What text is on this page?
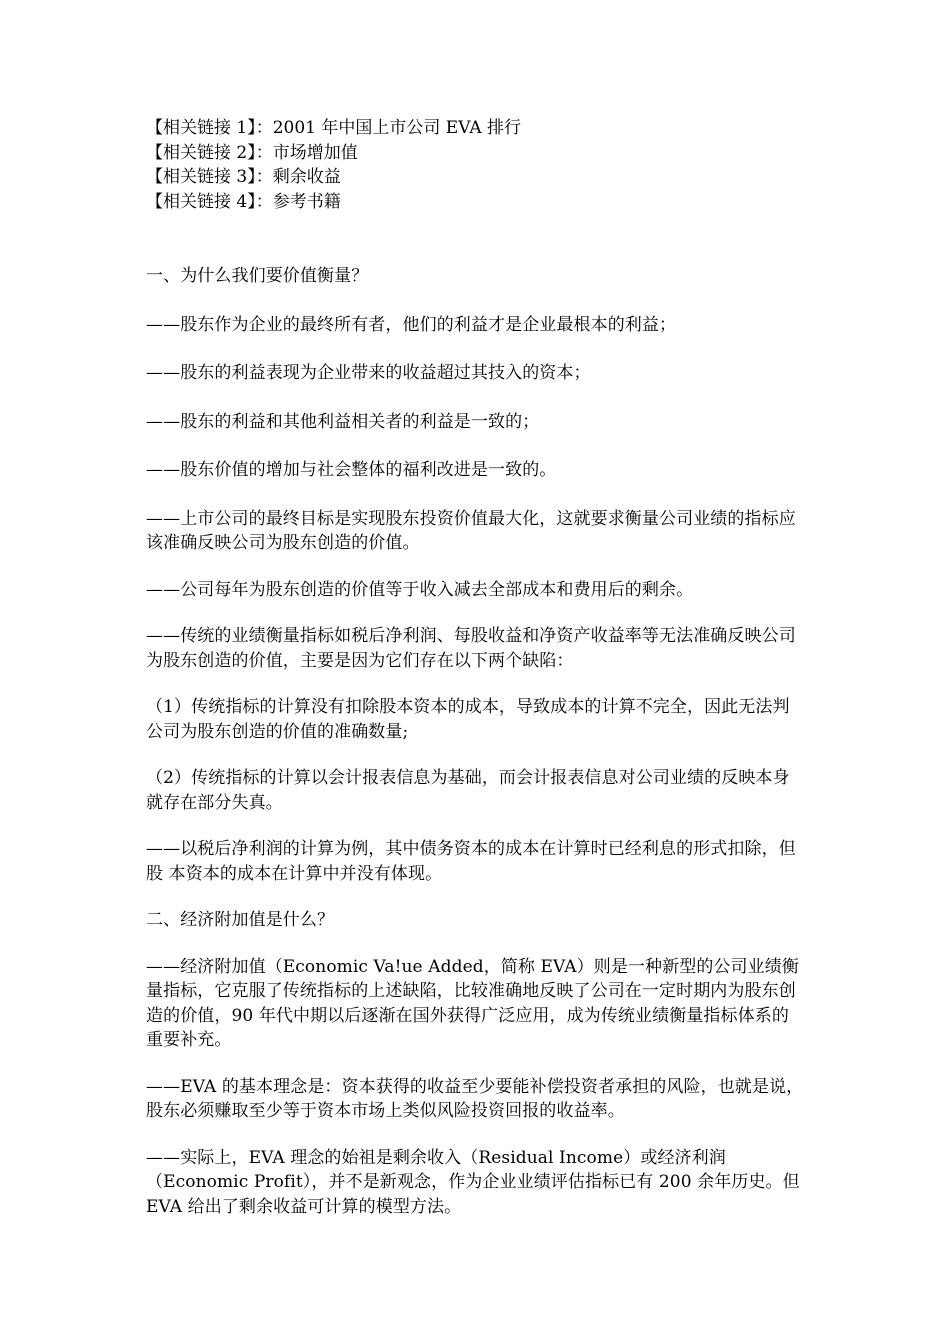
【相关链接 1】：2001 年中国上市公司 EVA 排行
【相关链接 2】：市场增加值
【相关链接 3】：剩余收益
【相关链接 4】：参考书籍

一、为什么我们要价值衡量？

——股东作为企业的最终所有者，他们的利益才是企业最根本的利益；

——股东的利益表现为企业带来的收益超过其技入的资本；

——股东的利益和其他利益相关者的利益是一致的；

——股东价值的增加与社会整体的福利改进是一致的。

——上市公司的最终目标是实现股东投资价值最大化，这就要求衡量公司业绩的指标应该准确反映公司为股东创造的价值。

——公司每年为股东创造的价值等于收入减去全部成本和费用后的剩余。

——传统的业绩衡量指标如税后净利润、每股收益和净资产收益率等无法准确反映公司为股东创造的价值，主要是因为它们存在以下两个缺陷：

（1）传统指标的计算没有扣除股本资本的成本，导致成本的计算不完全，因此无法判公司为股东创造的价值的准确数量;

（2）传统指标的计算以会计报表信息为基础，而会计报表信息对公司业绩的反映本身就存在部分失真。

——以税后净利润的计算为例，其中债务资本的成本在计算时已经利息的形式扣除，但股 本资本的成本在计算中并没有体现。

二、经济附加值是什么？

——经济附加值（Economic Va!ue Added，简称 EVA）则是一种新型的公司业绩衡量指标，它克服了传统指标的上述缺陷，比较准确地反映了公司在一定时期内为股东创造的价值，90 年代中期以后逐渐在国外获得广泛应用，成为传统业绩衡量指标体系的重要补充。

——EVA 的基本理念是：资本获得的收益至少要能补偿投资者承担的风险，也就是说，股东必须赚取至少等于资本市场上类似风险投资回报的收益率。

——实际上，EVA 理念的始祖是剩余收入（Residual Income）或经济利润（Economic Profit），并不是新观念，作为企业业绩评估指标已有 200 余年历史。但 EVA 给出了剩余收益可计算的模型方法。
